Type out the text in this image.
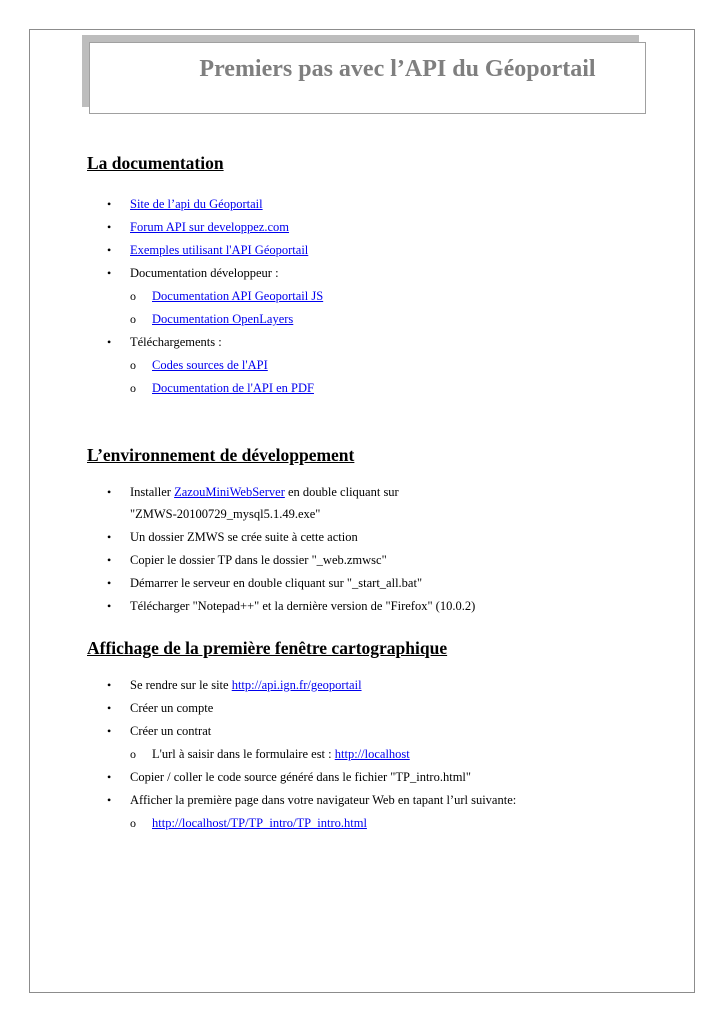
Premiers pas avec l’API du Géoportail
La documentation
• Site de l’api du Géoportail
• Forum API sur developpez.com
• Exemples utilisant l'API Géoportail
• Documentation développeur :
o Documentation API Geoportail JS
o Documentation OpenLayers
• Téléchargements :
o Codes sources de l'API
o Documentation de l'API en PDF
L’environnement de développement
• Installer ZazouMiniWebServer en double cliquant sur
"ZMWS-20100729_mysql5.1.49.exe"
• Un dossier ZMWS se crée suite à cette action
• Copier le dossier TP dans le dossier "_web.zmwsc"
• Démarrer le serveur en double cliquant sur "_start_all.bat"
• Télécharger "Notepad++" et la dernière version de "Firefox" (10.0.2)
Affichage de la première fenêtre cartographique
• Se rendre sur le site http://api.ign.fr/geoportail
• Créer un compte
• Créer un contrat
o L'url à saisir dans le formulaire est : http://localhost
• Copier / coller le code source généré dans le fichier "TP_intro.html"
• Afficher la première page dans votre navigateur Web en tapant l’url suivante:
o http://localhost/TP/TP_intro/TP_intro.html
